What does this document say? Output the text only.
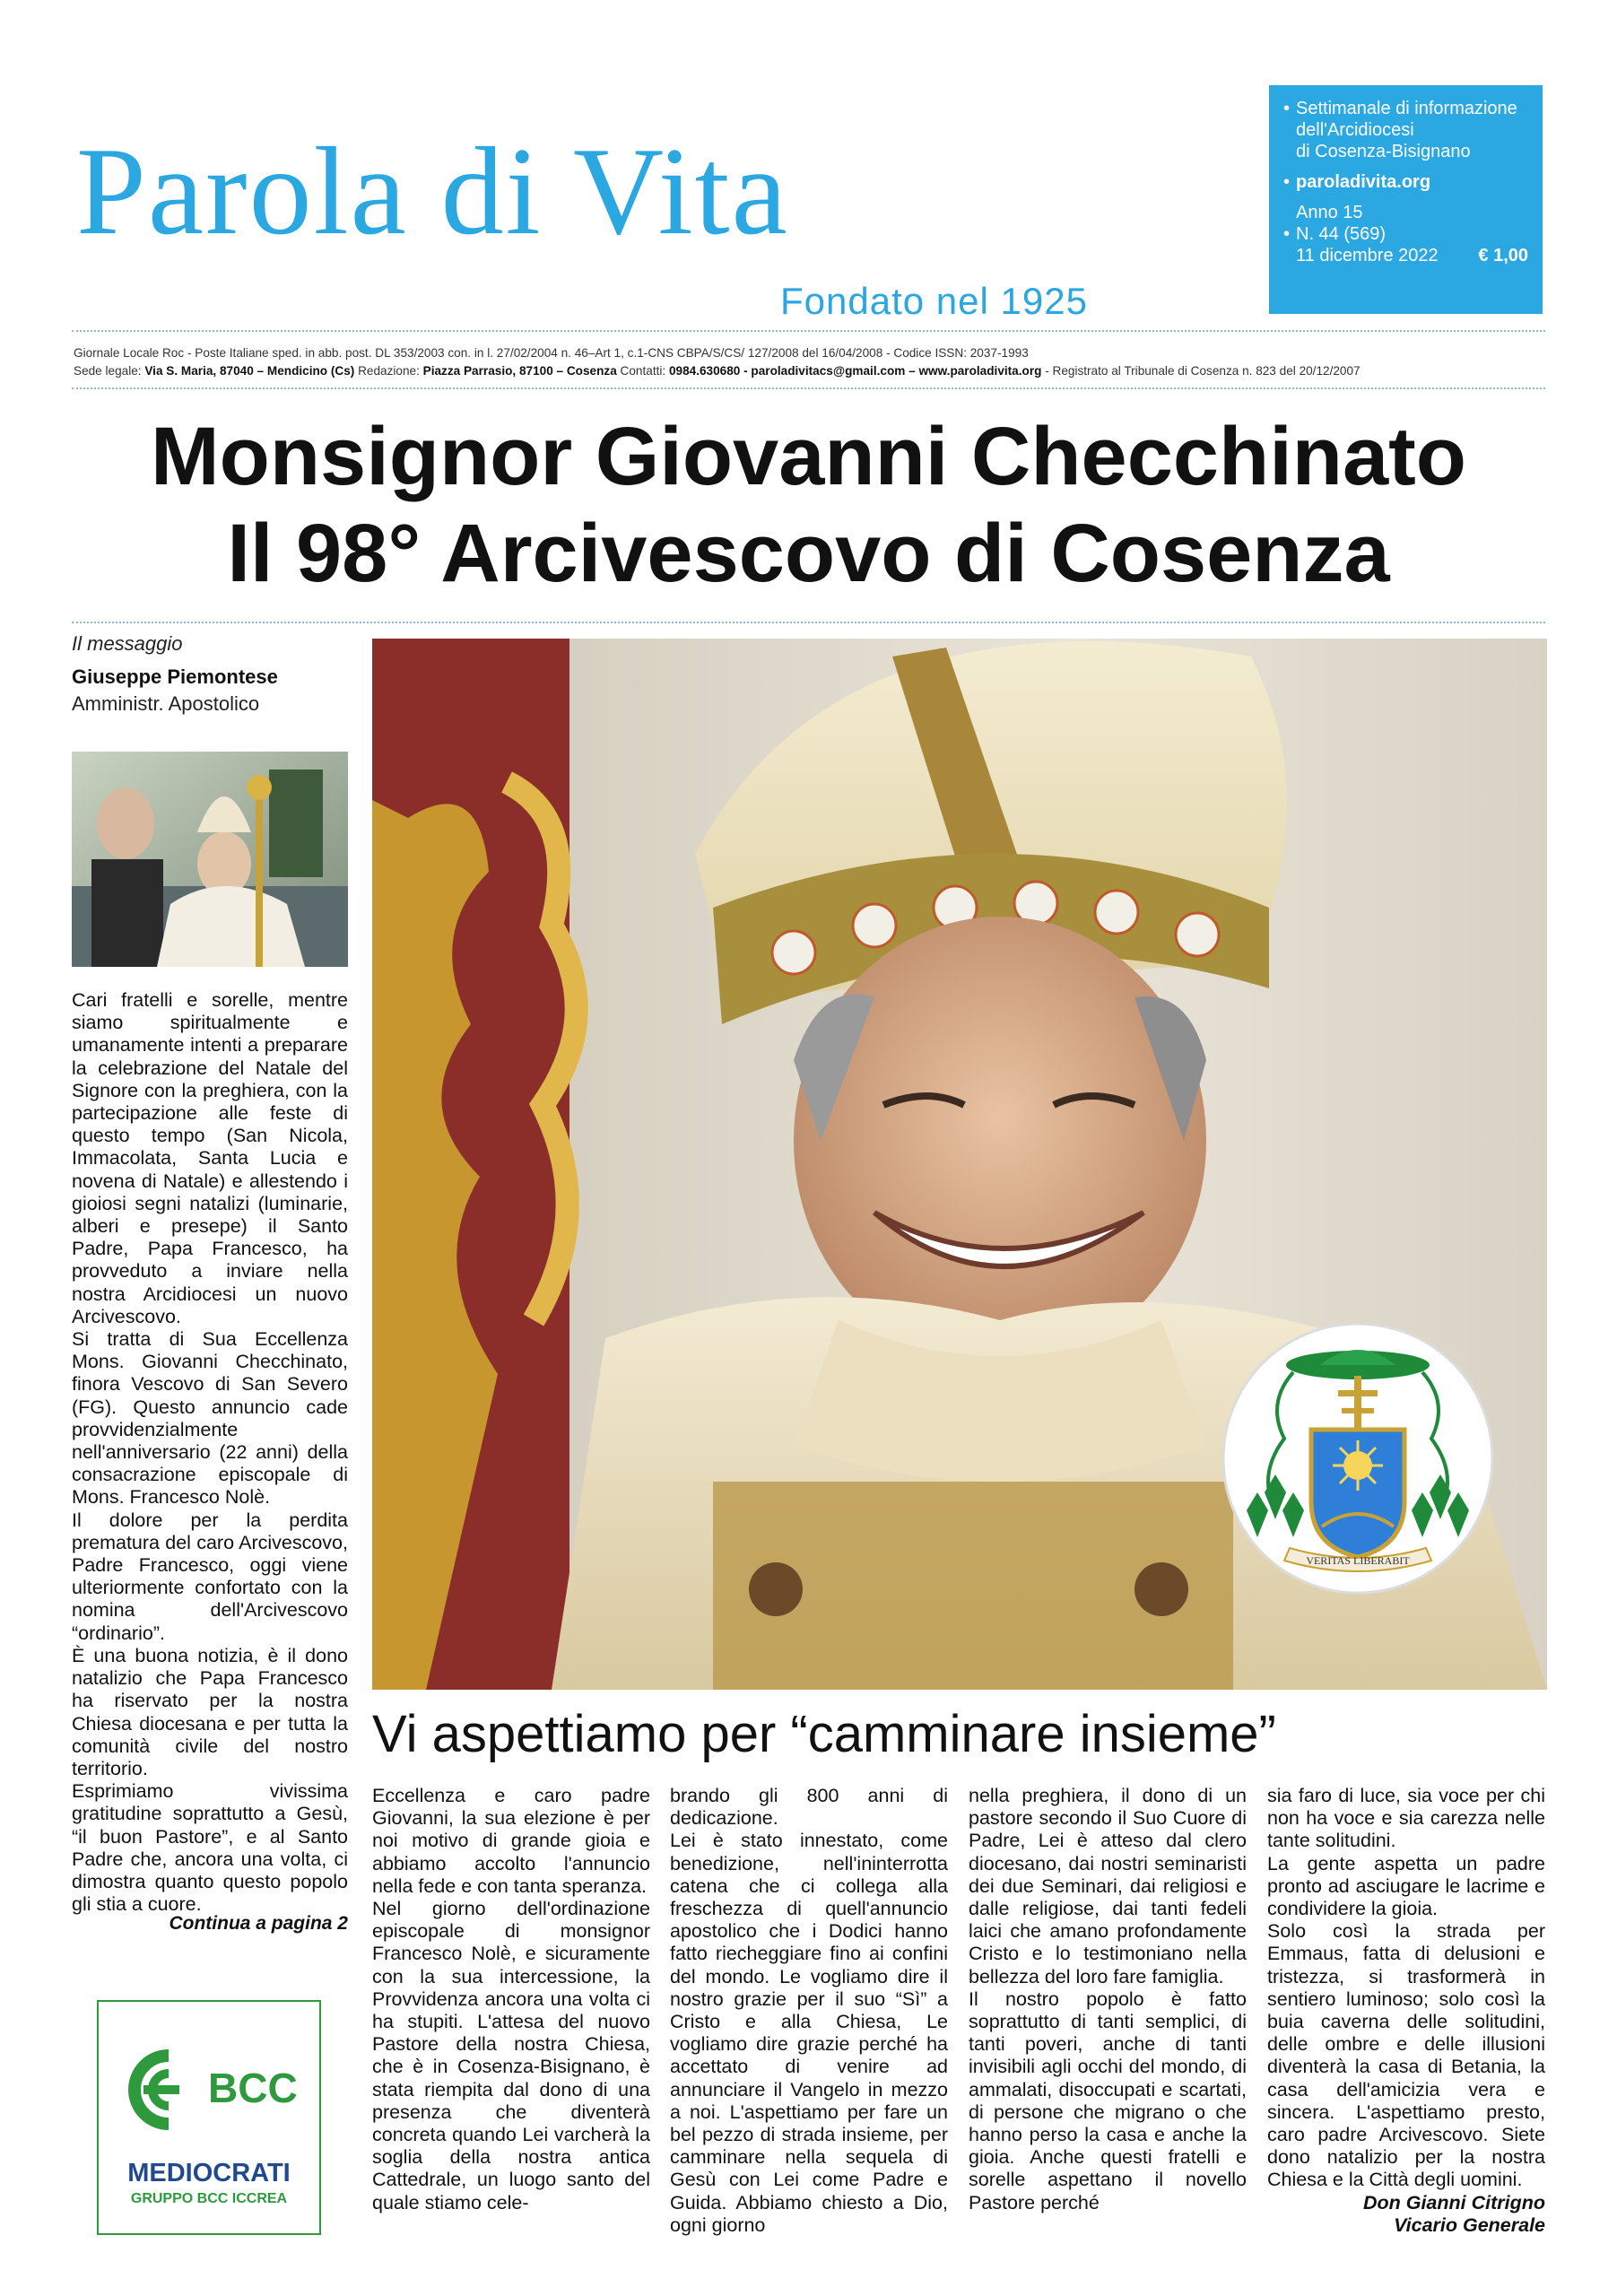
Parola di Vita
Fondato nel 1925
• Settimanale di informazione
dell'Arcidiocesi
di Cosenza-Bisignano
• paroladivita.org
•
Anno 15
N. 44 (569)
11 dicembre 2022 € 1,00
Giornale Locale Roc - Poste Italiane sped. in abb. post. DL 353/2003 con. in l. 27/02/2004 n. 46–Art 1, c.1-CNS CBPA/S/CS/ 127/2008 del 16/04/2008 - Codice ISSN: 2037-1993
Sede legale: Via S. Maria, 87040 – Mendicino (Cs) Redazione: Piazza Parrasio, 87100 – Cosenza Contatti: 0984.630680 - paroladivitacs@gmail.com – www.paroladivita.org - Registrato al Tribunale di Cosenza n. 823 del 20/12/2007
Monsignor Giovanni Checchinato
Il 98° Arcivescovo di Cosenza
Il messaggio
Giuseppe Piemontese
Amministr. Apostolico

Cari fratelli e sorelle, mentre siamo spiritualmente e umanamente intenti a preparare la celebrazione del Natale del Signore con la preghiera, con la partecipazione alle feste di questo tempo (San Nicola, Immacolata, Santa Lucia e novena di Natale) e allestendo i gioiosi segni natalizi (luminarie, alberi e presepe) il Santo Padre, Papa Francesco, ha provveduto a inviare nella nostra Arcidiocesi un nuovo Arcivescovo.

Si tratta di Sua Eccellenza Mons. Giovanni Checchinato, finora Vescovo di San Severo (FG). Questo annuncio cade provvidenzialmente nell'anniversario (22 anni) della consacrazione episcopale di Mons. Francesco Nolè.

Il dolore per la perdita prematura del caro Arcivescovo, Padre Francesco, oggi viene ulteriormente confortato con la nomina dell'Arcivescovo “ordinario”.

È una buona notizia, è il dono natalizio che Papa Francesco ha riservato per la nostra Chiesa diocesana e per tutta la comunità civile del nostro territorio.

Esprimiamo vivissima gratitudine soprattutto a Gesù, “il buon Pastore”, e al Santo Padre che, ancora una volta, ci dimostra quanto questo popolo gli stia a cuore.

Continua a pagina 2
BCC
MEDIOCRATI
GRUPPO BCC ICCREA
VERITAS LIBERABIT
Vi aspettiamo per “camminare insieme”

Eccellenza e caro padre Giovanni, la sua elezione è per noi motivo di grande gioia e abbiamo accolto l'annuncio nella fede e con tanta speranza.

Nel giorno dell'ordinazione episcopale di monsignor Francesco Nolè, e sicuramente con la sua intercessione, la Provvidenza ancora una volta ci ha stupiti. L'attesa del nuovo Pastore della nostra Chiesa, che è in Cosenza-Bisignano, è stata riempita dal dono di una presenza che diventerà concreta quando Lei varcherà la soglia della nostra antica Cattedrale, un luogo santo del quale stiamo cele-

brando gli 800 anni di dedicazione.

Lei è stato innestato, come benedizione, nell'ininterrotta catena che ci collega alla freschezza di quell'annuncio apostolico che i Dodici hanno fatto riecheggiare fino ai confini del mondo. Le vogliamo dire il nostro grazie per il suo “Sì” a Cristo e alla Chiesa, Le vogliamo dire grazie perché ha accettato di venire ad annunciare il Vangelo in mezzo a noi. L'aspettiamo per fare un bel pezzo di strada insieme, per camminare nella sequela di Gesù con Lei come Padre e Guida. Abbiamo chiesto a Dio, ogni giorno

nella preghiera, il dono di un pastore secondo il Suo Cuore di Padre, Lei è atteso dal clero diocesano, dai nostri seminaristi dei due Seminari, dai religiosi e dalle religiose, dai tanti fedeli laici che amano profondamente Cristo e lo testimoniano nella bellezza del loro fare famiglia.

Il nostro popolo è fatto soprattutto di tanti semplici, di tanti poveri, anche di tanti invisibili agli occhi del mondo, di ammalati, disoccupati e scartati, di persone che migrano o che hanno perso la casa e anche la gioia. Anche questi fratelli e sorelle aspettano il novello Pastore perché

sia faro di luce, sia voce per chi non ha voce e sia carezza nelle tante solitudini.

La gente aspetta un padre pronto ad asciugare le lacrime e condividere la gioia.

Solo così la strada per Emmaus, fatta di delusioni e tristezza, si trasformerà in sentiero luminoso; solo così la buia caverna delle solitudini, delle ombre e delle illusioni diventerà la casa di Betania, la casa dell'amicizia vera e sincera. L'aspettiamo presto, caro padre Arcivescovo. Siete dono natalizio per la nostra Chiesa e la Città degli uomini.

Don Gianni Citrigno

Vicario Generale
